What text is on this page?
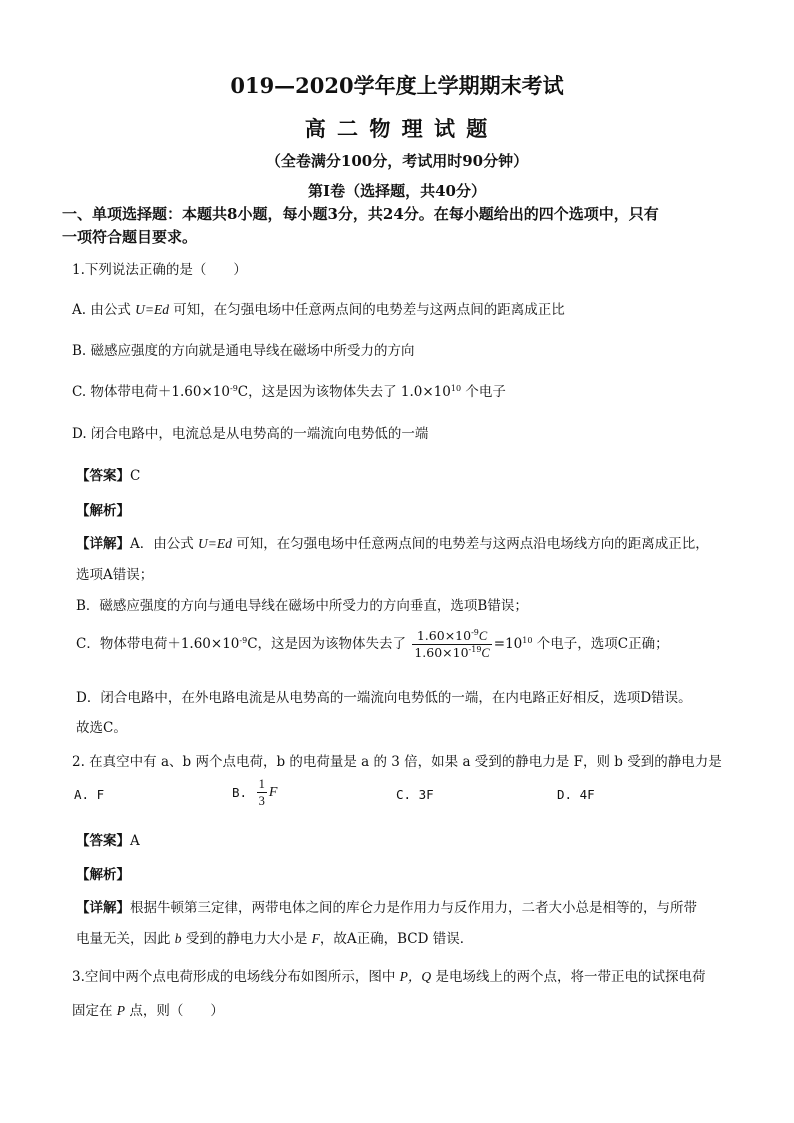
019—2020学年度上学期期末考试
高 二 物 理 试 题
（全卷满分100分，考试用时90分钟）
第Ⅰ卷（选择题，共40分）
一、单项选择题：本题共8小题，每小题3分，共24分。在每小题给出的四个选项中，只有
一项符合题目要求。
1.下列说法正确的是（　　）
A. 由公式 U=Ed 可知，在匀强电场中任意两点间的电势差与这两点间的距离成正比
B. 磁感应强度的方向就是通电导线在磁场中所受力的方向
C. 物体带电荷$+1.60\times 10^{-9}C$，这是因为该物体失去了 $1.0\times 10^{10}$ 个电子
D. 闭合电路中，电流总是从电势高的一端流向电势低的一端
【答案】C
【解析】
【详解】A．由公式 U=Ed 可知，在匀强电场中任意两点间的电势差与这两点沿电场线方向的距离成正比，
选项A错误；
B．磁感应强度的方向与通电导线在磁场中所受力的方向垂直，选项B错误；
C．物体带电荷$+1.60\times 10^{-9}C$，这是因为该物体失去了 $\frac{1.60\times 10^{-9}C}{1.60\times 10^{-19}C} =10^{10}$ 个电子，选项C正确；
D．闭合电路中，在外电路电流是从电势高的一端流向电势低的一端，在内电路正好相反，选项D错误。
故选C。
2. 在真空中有 a、b 两个点电荷，b 的电荷量是 a 的 3 倍，如果 a 受到的静电力是 F，则 b 受到的静电力是
A. F	B. $\frac{1}{3}$ F	C. 3F	D. 4F
【答案】A
【解析】
【详解】根据牛顿第三定律，两带电体之间的库仑力是作用力与反作用力，二者大小总是相等的，与所带
电量无关，因此 b 受到的静电力大小是 F，故A正确，BCD 错误．
3.空间中两个点电荷形成的电场线分布如图所示，图中 P，Q 是电场线上的两个点，将一带正电的试探电荷
固定在 P 点，则（　　）
